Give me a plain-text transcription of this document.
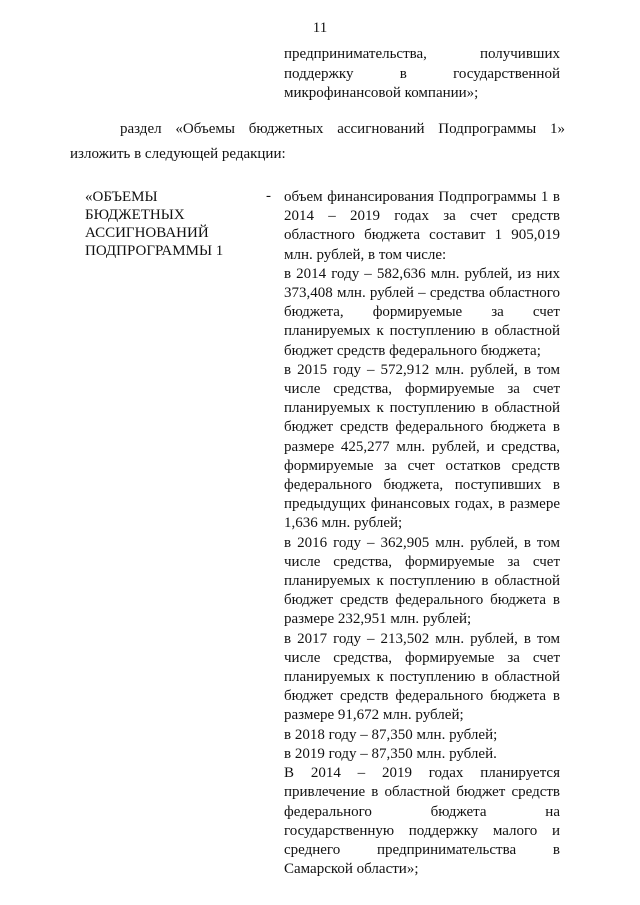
11
предпринимательства, получивших поддержку в государственной микрофинансовой компании»;
раздел «Объемы бюджетных ассигнований Подпрограммы 1»
изложить в следующей редакции:
«ОБЪЕМЫ
БЮДЖЕТНЫХ
АССИГНОВАНИЙ
ПОДПРОГРАММЫ 1
- объем финансирования Подпрограммы 1 в 2014 – 2019 годах за счет средств областного бюджета составит 1 905,019 млн. рублей, в том числе:

в 2014 году – 582,636 млн. рублей, из них 373,408 млн. рублей – средства областного бюджета, формируемые за счет планируемых к поступлению в областной бюджет средств федерального бюджета;

в 2015 году – 572,912 млн. рублей, в том числе средства, формируемые за счет планируемых к поступлению в областной бюджет средств федерального бюджета в размере 425,277 млн. рублей, и средства, формируемые за счет остатков средств федерального бюджета, поступивших в предыдущих финансовых годах, в размере 1,636 млн. рублей;

в 2016 году – 362,905 млн. рублей, в том числе средства, формируемые за счет планируемых к поступлению в областной бюджет средств федерального бюджета в размере 232,951 млн. рублей;

в 2017 году – 213,502 млн. рублей, в том числе средства, формируемые за счет планируемых к поступлению в областной бюджет средств федерального бюджета в размере 91,672 млн. рублей;

в 2018 году – 87,350 млн. рублей;

в 2019 году – 87,350 млн. рублей.

В 2014 – 2019 годах планируется привлечение в областной бюджет средств федерального бюджета на государственную поддержку малого и среднего предпринимательства в Самарской области»;
